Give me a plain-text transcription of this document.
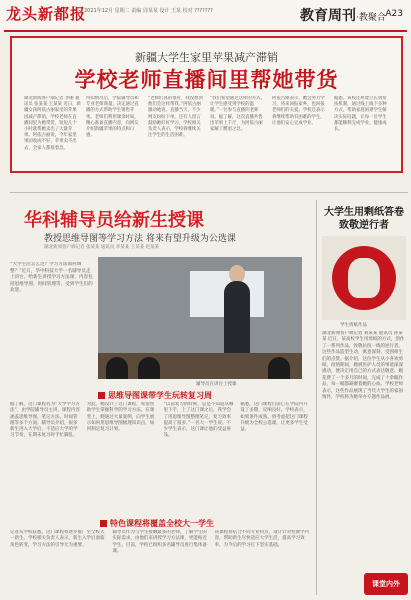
龙头新都报
2021年12月 星期二 责编 周某某 设计 王某 校对 ???????	教育周刊·教聚合 A23
新疆大学生家里苹果减产滞销
学校老师直播间里帮她带货
湖北新闻客户端记者 李丽 通讯员 张某某 王某某 近日，新疆女孩阿依古丽家里的苹果因减产滞销，学校老师在直播间里为她带货，短短几个小时就帮她卖出了大量苹果。阿依古丽说，今年家里果园收成不好，苹果卖不出去，全家人都很着急。
得知情况后，学院辅导员和专业老师商量，决定通过直播的方式帮助学生销售苹果。老师们利用课余时间，精心准备直播内容，向网友介绍新疆苹果的特点和口感。
“老师们真的很好，我没想到他们会这样帮我。”阿依古丽激动地说。直播当天，不少网友纷纷下单，还有人留言鼓励她好好学习。学校相关负责人表示，学校将继续关注学生的生活困难。
“我们希望通过这样的方式，让学生感受到学校的温暖。”一位参与直播的老师说。据了解，这次直播共售出苹果上千斤，为阿依古丽家解了燃眉之急。
阿依古丽表示，她会努力学习，将来回报家乡，也回报老师们的关爱。学校还表示将继续帮助有困难的学生，让他们安心完成学业。
据悉，该校还将建立长效帮扶机制，通过线上线下多种方式，帮助家庭困难学生解决实际问题，让每一位学生都能顺利完成学业、健康成长。
华科辅导员给新生授课
教授思维导图等学习方法 将来有望升级为公选课
湖北新闻客户端记者 张某某 通讯员 李某某 王某某 赵某某
“大学生活怎么过？学习方法如何调整？”近日，华中科技大学一名辅导员走上讲台，给新生讲授学习方法课，内容包括思维导图、时间管理等，受到学生们的欢迎。
辅导员在讲台上授课
大学生用剩纸答卷致敬逆行者
学生剪纸作品
湖北新闻客户端记者 刘某某 通讯员 孙某某 近日，某高校学生用剪纸的方式，创作了一系列作品，致敬抗疫一线的逆行者。这些作品造型生动，寓意深刻，受到师生们的点赞。据介绍，这位学生从小喜欢剪纸，疫情期间，她被医护人员的事迹深深感动，便决定用自己的方式表达敬意。她花费了一个多月的时间，完成了十余幅作品，每一幅都凝聚着她的心血。学校老师表示，这些作品展现了当代大学生的家国情怀，学校将为她举办专题作品展。
思维导图课带学生玩转复习周
据了解，这门课程名为“大学学习方法”，由学院辅导员主讲，课程内容涵盖思维导图、笔记方法、时间管理等多个方面。辅导员介绍，很多新生进入大学后，不适应大学的学习节奏，在期末复习时手忙脚乱。
为此，她设计了这门课程，希望帮助学生掌握科学的学习方法。在课堂上，她通过大量案例，向学生展示如何用思维导图梳理知识点，如何制定复习计划。
“以前复习的时候，总是不知道从哪里下手，上了这门课之后，我学会了用思维导图整理笔记，复习效率提高了很多。”一名大一学生说。不少学生表示，这门课让他们受益匪浅。
据悉，这门课程目前已在学院内开设了多期，反响良好。学校表示，如果条件成熟，将考虑把这门课程升级为全校公选课，让更多学生受益。
特色课程将覆盖全校大一学生
记者从学校获悉，这门课程将逐步推广至全校大一新生。学校相关负责人表示，新生入学后面临角色转变，学习方法的引导尤为重要。
辅导员作为与学生接触最多的老师，了解学生的实际需求，由他们来讲授学习方法课，更能贴近学生。目前，学校已组织多名辅导员进行集体备课。
该课程将结合不同专业特点，设计针对性教学内容，帮助新生尽快适应大学生活，提高学习效率，为今后的学习打下坚实基础。
课堂内外
